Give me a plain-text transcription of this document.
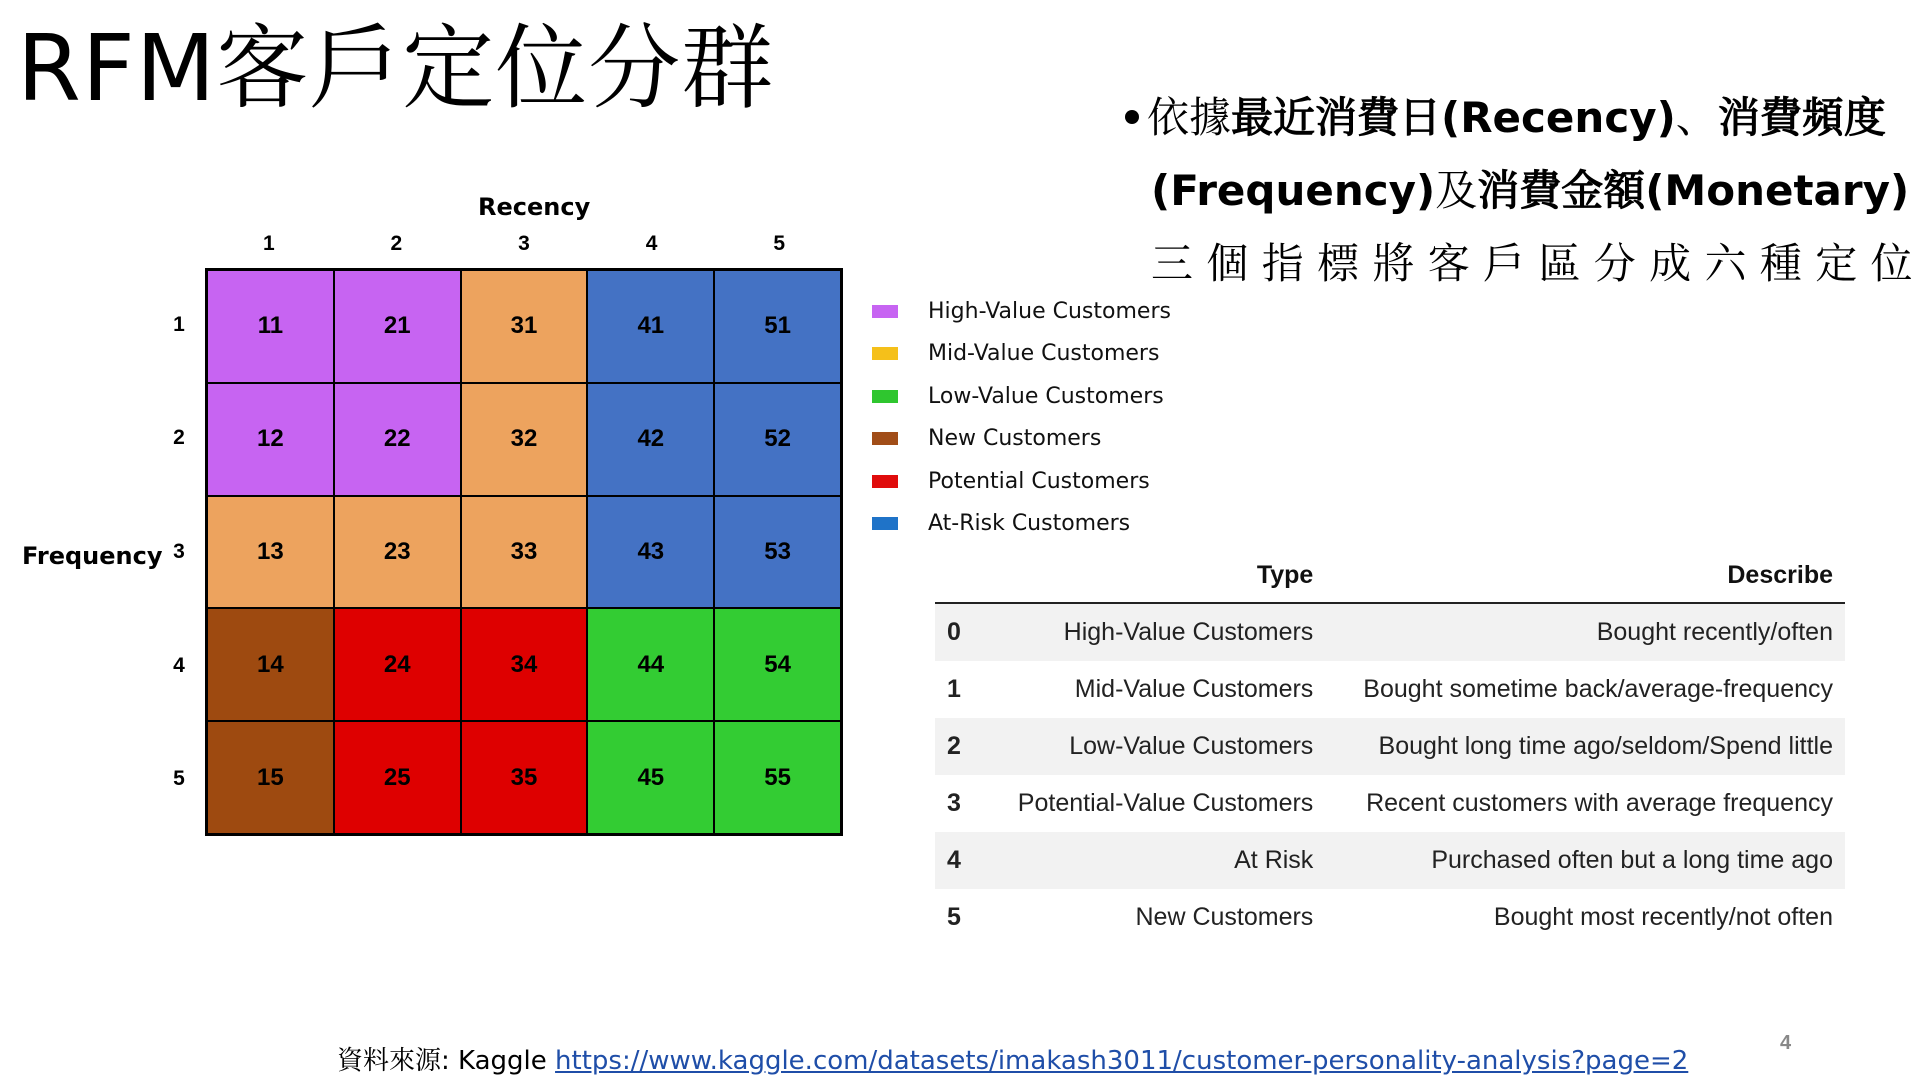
RFM客戶定位分群
Recency
Frequency
1	2	3	4	5
1
2
3
4
5
11	21	31	41	51
12	22	32	42	52
13	23	33	43	53
14	24	34	44	54
15	25	35	45	55
High-Value Customers
Mid-Value Customers
Low-Value Customers
New Customers
Potential Customers
At-Risk Customers
依據最近消費日(Recency)、消費頻度
(Frequency)及消費金額(Monetary)
三 個 指 標 將 客 戶 區 分 成 六 種 定 位
	Type	Describe
0	High-Value Customers	Bought recently/often
1	Mid-Value Customers	Bought sometime back/average-frequency
2	Low-Value Customers	Bought long time ago/seldom/Spend little
3	Potential-Value Customers	Recent customers with average frequency
4	At Risk	Purchased often but a long time ago
5	New Customers	Bought most recently/not often
資料來源: Kaggle https://www.kaggle.com/datasets/imakash3011/customer-personality-analysis?page=2
4
